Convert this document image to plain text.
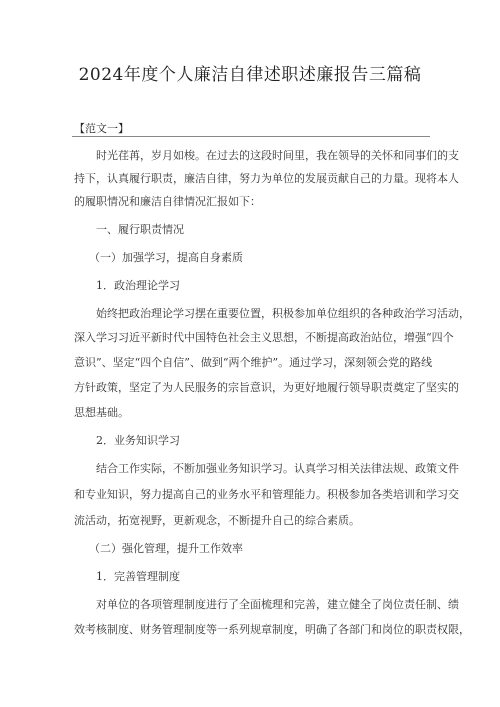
2024年度个人廉洁自律述职述廉报告三篇稿
【范文一】
时光荏苒，岁月如梭。在过去的这段时间里，我在领导的关怀和同事们的支
持下，认真履行职责，廉洁自律，努力为单位的发展贡献自己的力量。现将本人
的履职情况和廉洁自律情况汇报如下：
一、履行职责情况
（一）加强学习，提高自身素质
1．政治理论学习
始终把政治理论学习摆在重要位置，积极参加单位组织的各种政治学习活动，
深入学习习近平新时代中国特色社会主义思想，不断提高政治站位，增强“四个
意识”、坚定“四个自信”、做到“两个维护”。通过学习，深刻领会党的路线
方针政策，坚定了为人民服务的宗旨意识，为更好地履行领导职责奠定了坚实的
思想基础。
2．业务知识学习
结合工作实际，不断加强业务知识学习。认真学习相关法律法规、政策文件
和专业知识，努力提高自己的业务水平和管理能力。积极参加各类培训和学习交
流活动，拓宽视野，更新观念，不断提升自己的综合素质。
（二）强化管理，提升工作效率
1．完善管理制度
对单位的各项管理制度进行了全面梳理和完善，建立健全了岗位责任制、绩
效考核制度、财务管理制度等一系列规章制度，明确了各部门和岗位的职责权限，
